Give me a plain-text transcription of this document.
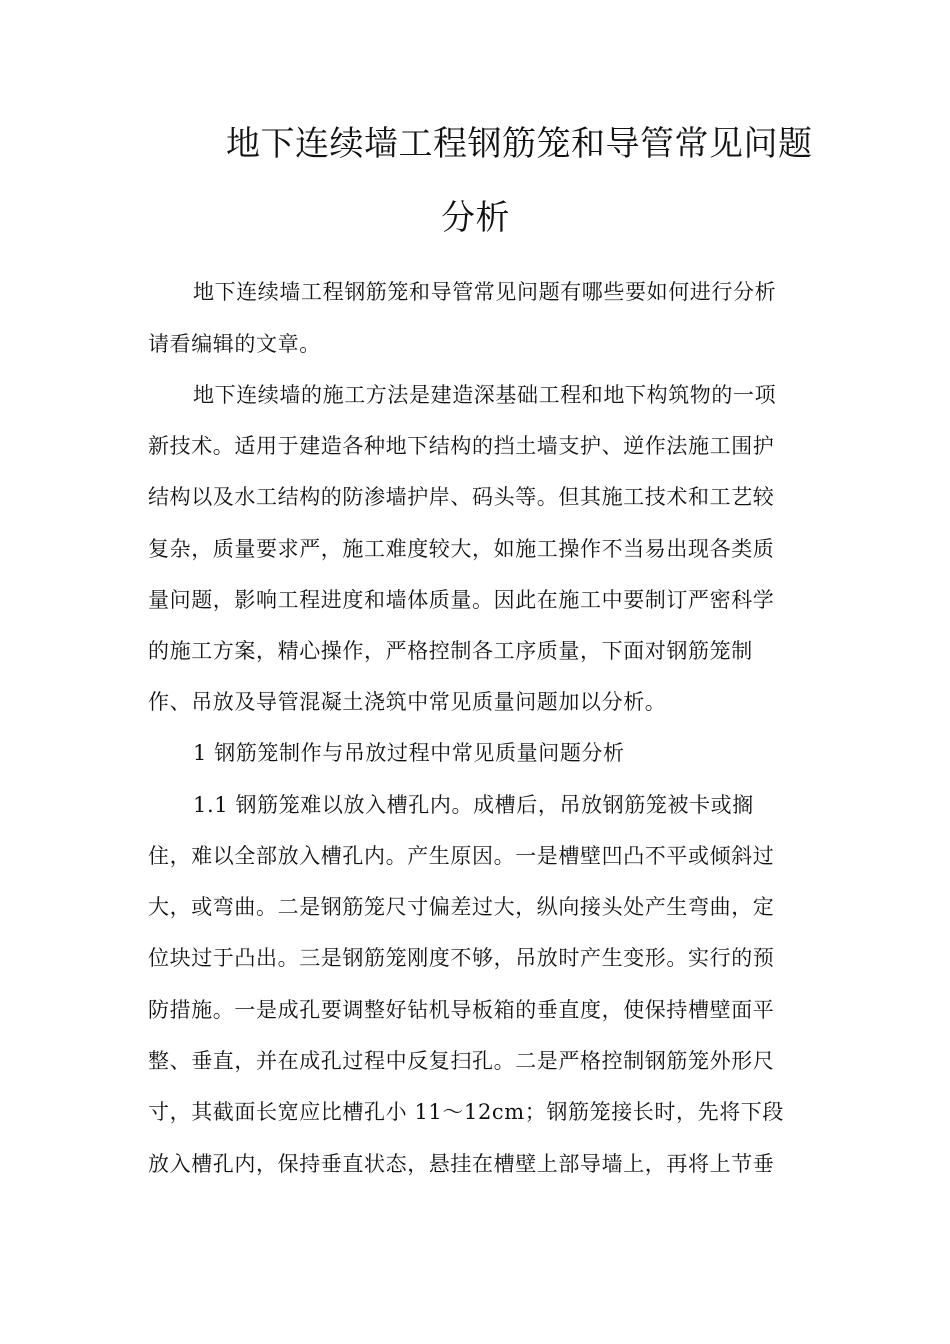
地下连续墙工程钢筋笼和导管常见问题
分析
地下连续墙工程钢筋笼和导管常见问题有哪些要如何进行分析
请看编辑的文章。
地下连续墙的施工方法是建造深基础工程和地下构筑物的一项
新技术。适用于建造各种地下结构的挡土墙支护、逆作法施工围护
结构以及水工结构的防渗墙护岸、码头等。但其施工技术和工艺较
复杂，质量要求严，施工难度较大，如施工操作不当易出现各类质
量问题，影响工程进度和墙体质量。因此在施工中要制订严密科学
的施工方案，精心操作，严格控制各工序质量，下面对钢筋笼制
作、吊放及导管混凝土浇筑中常见质量问题加以分析。
1 钢筋笼制作与吊放过程中常见质量问题分析
1.1 钢筋笼难以放入槽孔内。成槽后，吊放钢筋笼被卡或搁
住，难以全部放入槽孔内。产生原因。一是槽壁凹凸不平或倾斜过
大，或弯曲。二是钢筋笼尺寸偏差过大，纵向接头处产生弯曲，定
位块过于凸出。三是钢筋笼刚度不够，吊放时产生变形。实行的预
防措施。一是成孔要调整好钻机导板箱的垂直度，使保持槽壁面平
整、垂直，并在成孔过程中反复扫孔。二是严格控制钢筋笼外形尺
寸，其截面长宽应比槽孔小 11～12cm；钢筋笼接长时，先将下段
放入槽孔内，保持垂直状态，悬挂在槽壁上部导墙上，再将上节垂
